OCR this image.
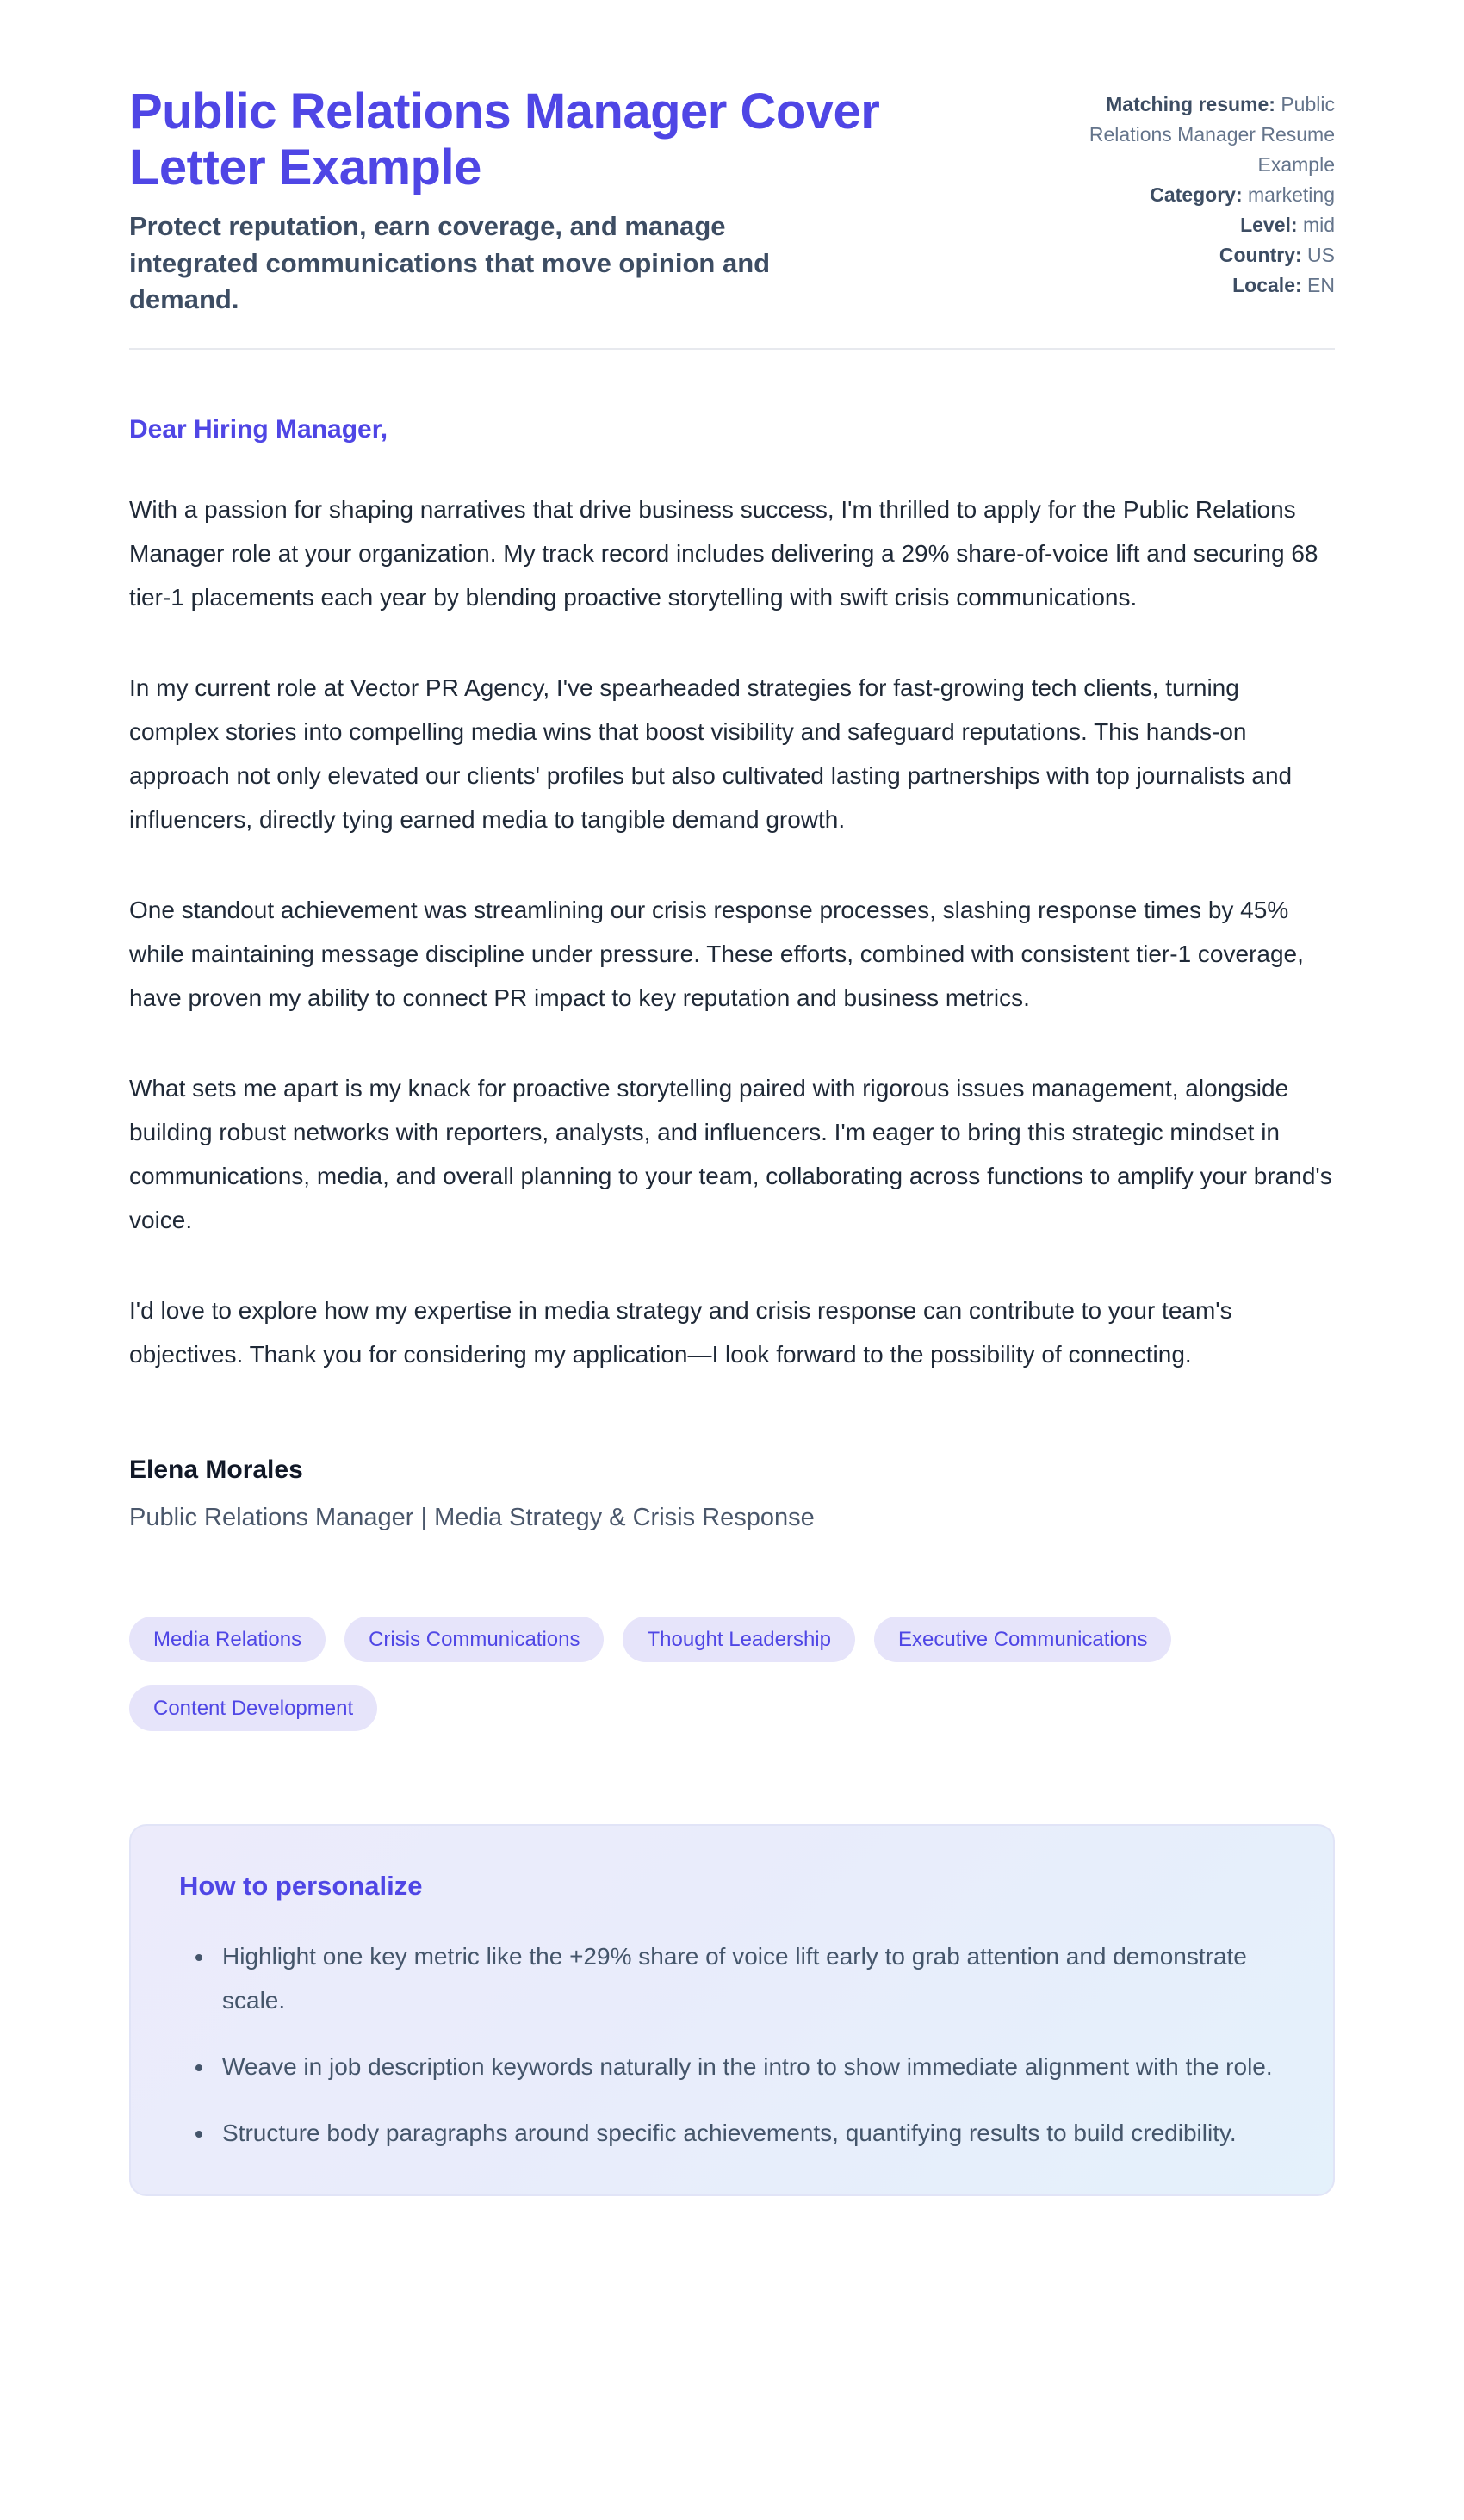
Public Relations Manager Cover Letter Example

Protect reputation, earn coverage, and manage integrated communications that move opinion and demand.

Matching resume: Public Relations Manager Resume Example
Category: marketing
Level: mid
Country: US
Locale: EN
Dear Hiring Manager,

With a passion for shaping narratives that drive business success, I'm thrilled to apply for the Public Relations Manager role at your organization. My track record includes delivering a 29% share-of-voice lift and securing 68 tier-1 placements each year by blending proactive storytelling with swift crisis communications.

In my current role at Vector PR Agency, I've spearheaded strategies for fast-growing tech clients, turning complex stories into compelling media wins that boost visibility and safeguard reputations. This hands-on approach not only elevated our clients' profiles but also cultivated lasting partnerships with top journalists and influencers, directly tying earned media to tangible demand growth.

One standout achievement was streamlining our crisis response processes, slashing response times by 45% while maintaining message discipline under pressure. These efforts, combined with consistent tier-1 coverage, have proven my ability to connect PR impact to key reputation and business metrics.

What sets me apart is my knack for proactive storytelling paired with rigorous issues management, alongside building robust networks with reporters, analysts, and influencers. I'm eager to bring this strategic mindset in communications, media, and overall planning to your team, collaborating across functions to amplify your brand's voice.

I'd love to explore how my expertise in media strategy and crisis response can contribute to your team's objectives. Thank you for considering my application—I look forward to the possibility of connecting.

Elena Morales
Public Relations Manager | Media Strategy & Crisis Response
Media Relations	Crisis Communications	Thought Leadership	Executive Communications
Content Development
How to personalize
• Highlight one key metric like the +29% share of voice lift early to grab attention and demonstrate scale.
• Weave in job description keywords naturally in the intro to show immediate alignment with the role.
• Structure body paragraphs around specific achievements, quantifying results to build credibility.
